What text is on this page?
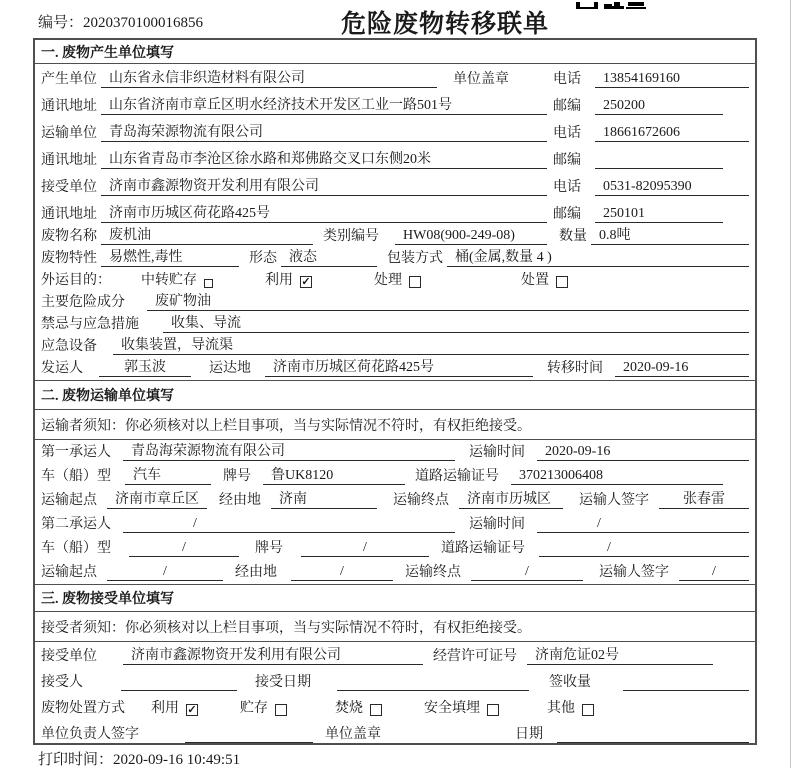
编号：2020370100016856	危险废物转移联单
一. 废物产生单位填写
产生单位 山东省永信非织造材料有限公司	单位盖章	电话	13854169160
通讯地址 山东省济南市章丘区明水经济技术开发区工业一路501号	邮编	250200
运输单位 青岛海荣源物流有限公司	电话	18661672606
通讯地址 山东省青岛市李沧区徐水路和郑佛路交叉口东侧20米	邮编
接受单位 济南市鑫源物资开发利用有限公司	电话	0531-82095390
通讯地址 济南市历城区荷花路425号	邮编	250101
废物名称 废机油	类别编号	HW08(900-249-08)	数量 0.8吨
废物特性 易燃性,毒性	形态 液态	包装方式 桶(金属,数量 4 )
外运目的：	中转贮存	利用 ✓	处理	处置
主要危险成分	废矿物油
禁忌与应急措施	收集、导流
应急设备	收集装置，导流渠
发运人	郭玉波	运达地	济南市历城区荷花路425号	转移时间	2020-09-16
二. 废物运输单位填写
运输者须知：你必须核对以上栏目事项，当与实际情况不符时，有权拒绝接受。
第一承运人	青岛海荣源物流有限公司	运输时间	2020-09-16
车（船）型	汽车	牌号	鲁UK8120	道路运输证号	370213006408
运输起点	济南市章丘区	经由地	济南	运输终点	济南市历城区	运输人签字	张春雷
第二承运人	/	运输时间	/
车（船）型	/	牌号	/	道路运输证号	/
运输起点	/	经由地	/	运输终点	/	运输人签字	/
三. 废物接受单位填写
接受者须知：你必须核对以上栏目事项，当与实际情况不符时，有权拒绝接受。
接受单位	济南市鑫源物资开发利用有限公司	经营许可证号	济南危证02号
接受人	接受日期	签收量
废物处置方式	利用 ✓	贮存	焚烧	安全填埋	其他
单位负责人签字	单位盖章	日期
打印时间：2020-09-16 10:49:51
